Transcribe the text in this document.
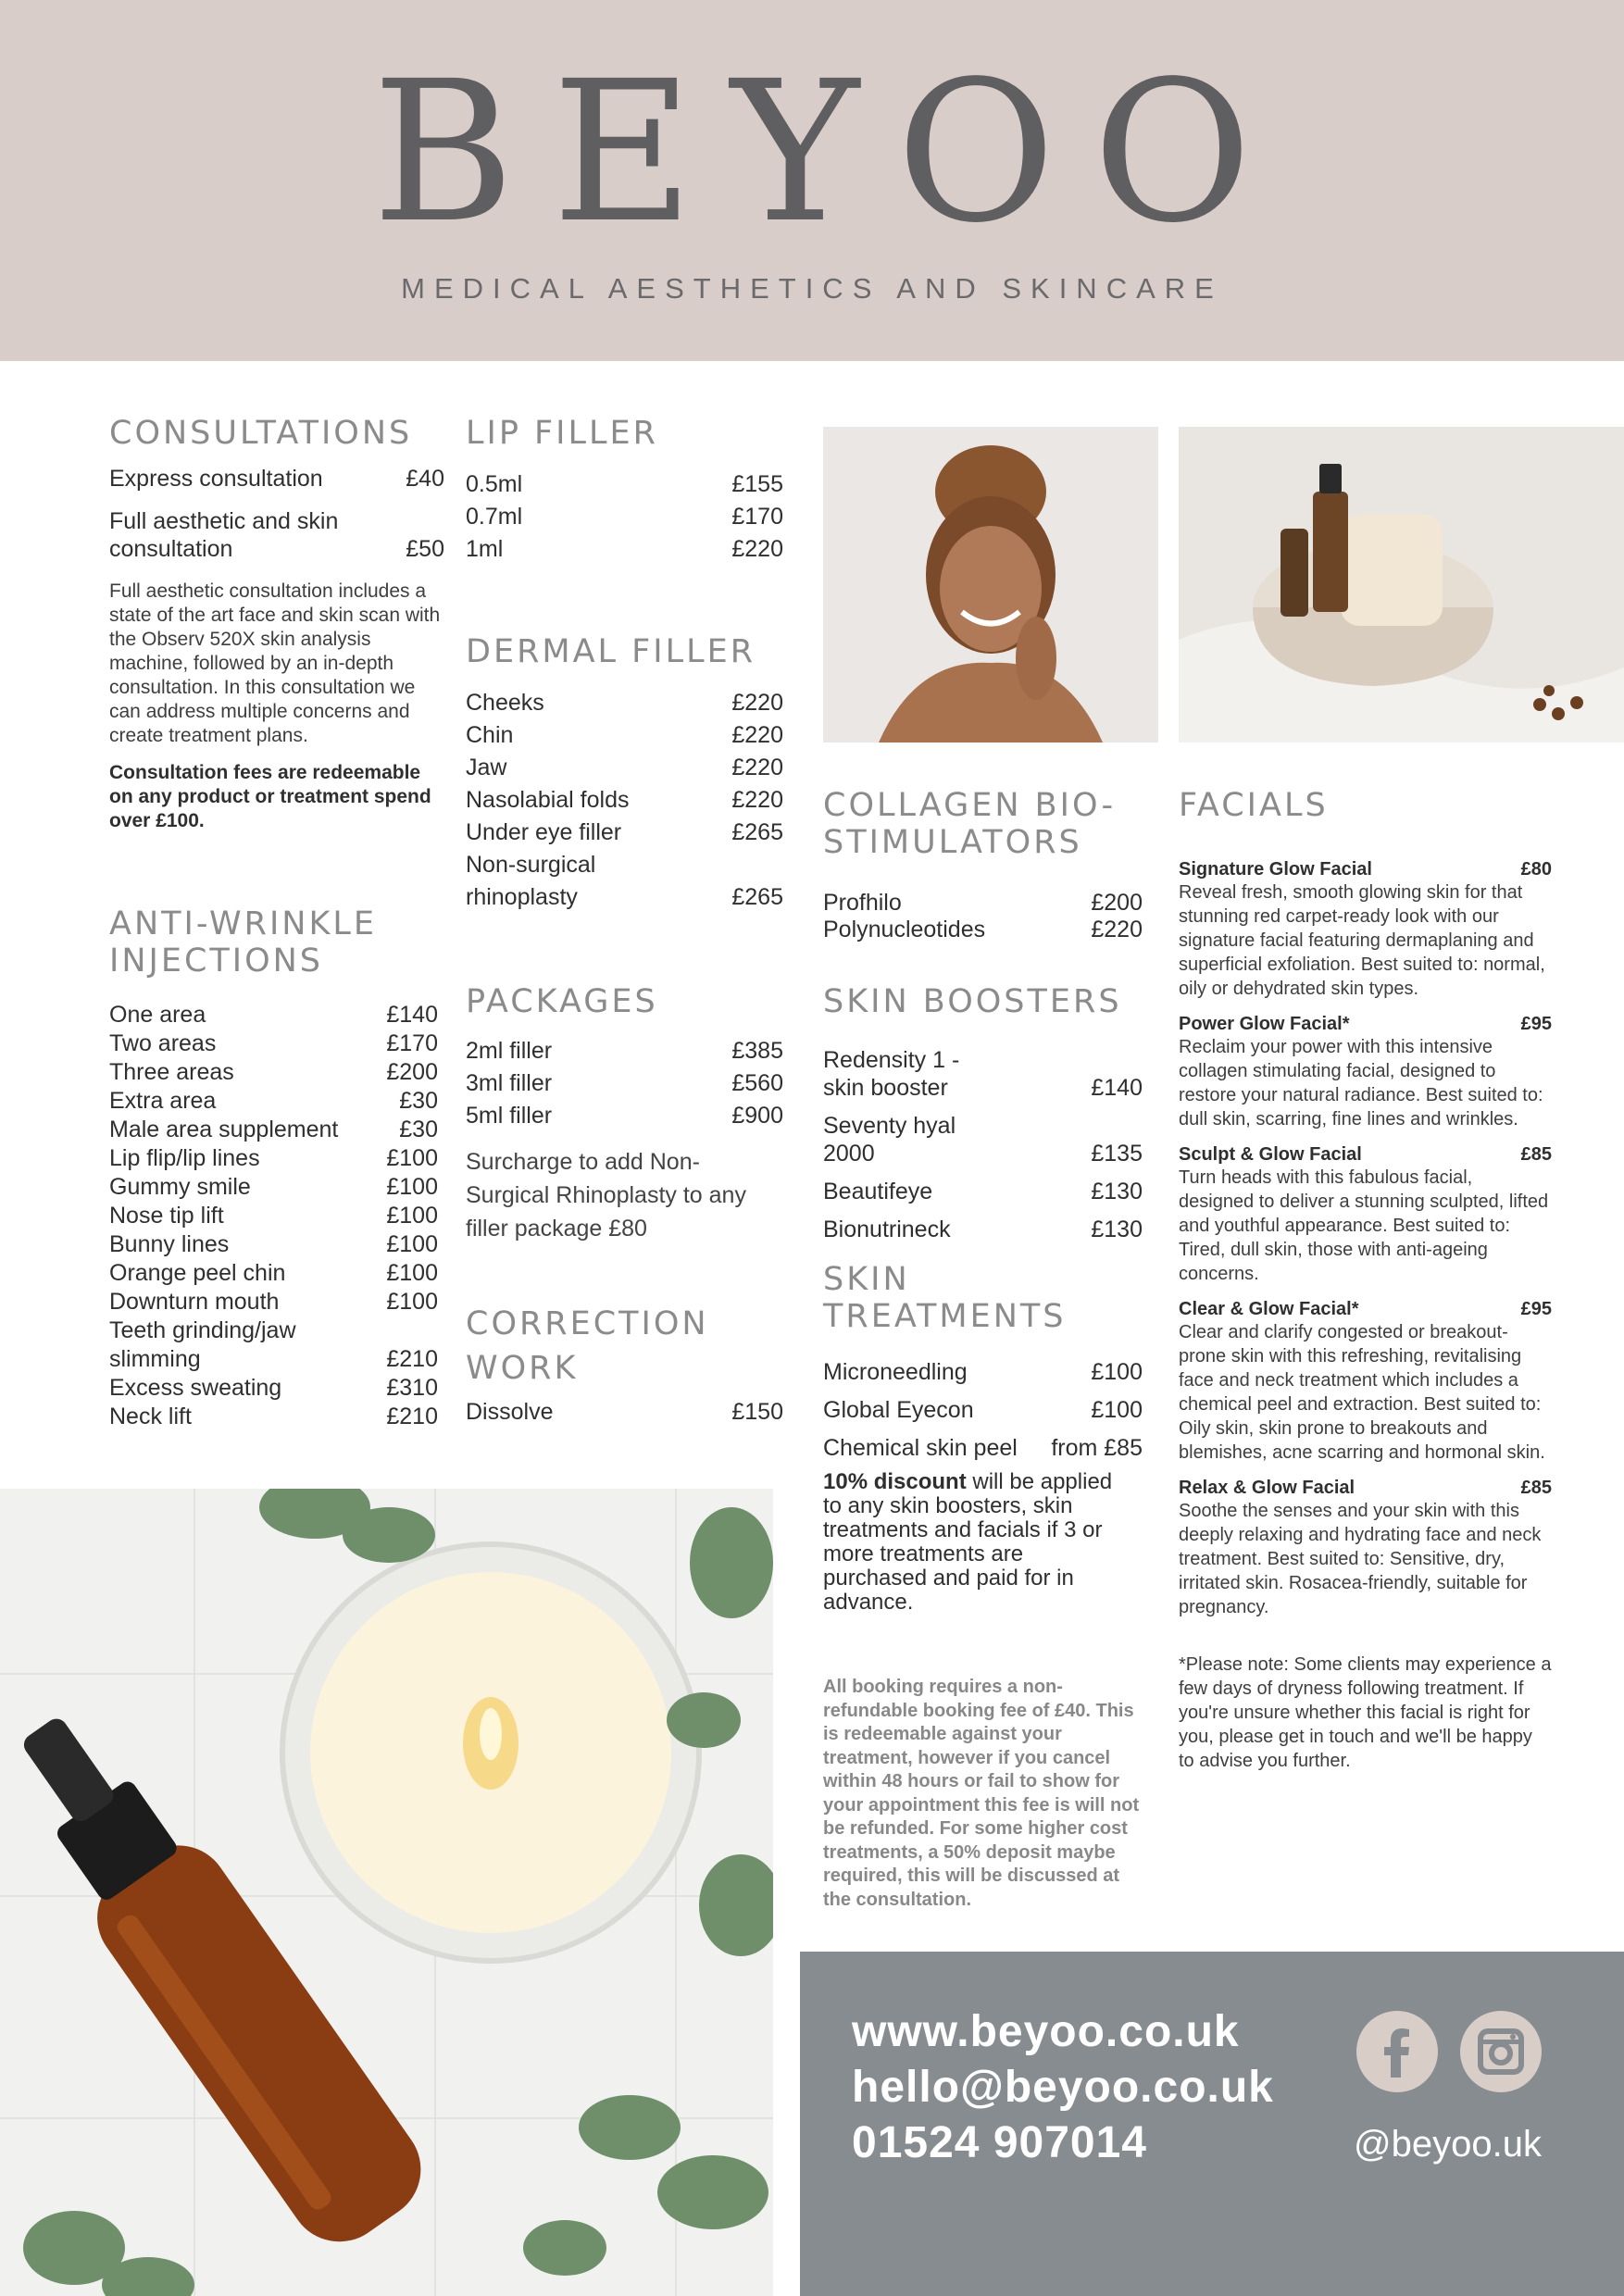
BEYOO
MEDICAL AESTHETICS AND SKINCARE
CONSULTATIONS
Express consultation	£40
Full aesthetic and skin consultation	£50

Full aesthetic consultation includes a state of the art face and skin scan with the Observ 520X skin analysis machine, followed by an in-depth consultation. In this consultation we can address multiple concerns and create treatment plans.

Consultation fees are redeemable on any product or treatment spend over £100.

ANTI-WRINKLE INJECTIONS
One area	£140
Two areas	£170
Three areas	£200
Extra area	£30
Male area supplement	£30
Lip flip/lip lines	£100
Gummy smile	£100
Nose tip lift	£100
Bunny lines	£100
Orange peel chin	£100
Downturn mouth	£100
Teeth grinding/jaw slimming	£210
Excess sweating	£310
Neck lift	£210
LIP FILLER
0.5ml	£155
0.7ml	£170
1ml	£220
DERMAL FILLER
Cheeks	£220
Chin	£220
Jaw	£220
Nasolabial folds	£220
Under eye filler	£265
Non-surgical rhinoplasty	£265
PACKAGES
2ml filler	£385
3ml filler	£560
5ml filler	£900

Surcharge to add Non-Surgical Rhinoplasty to any filler package £80

CORRECTION WORK
Dissolve	£150
COLLAGEN BIO-STIMULATORS
Profhilo	£200
Polynucleotides	£220
SKIN BOOSTERS
Redensity 1 - skin booster	£140
Seventy hyal 2000	£135
Beautifeye	£130
Bionutrineck	£130
SKIN TREATMENTS
Microneedling	£100
Global Eyecon	£100
Chemical skin peel	from £85
10% discount will be applied to any skin boosters, skin treatments and facials if 3 or more treatments are purchased and paid for in advance.

All booking requires a non-refundable booking fee of £40. This is redeemable against your treatment, however if you cancel within 48 hours or fail to show for your appointment this fee is will not be refunded. For some higher cost treatments, a 50% deposit maybe required, this will be discussed at the consultation.

FACIALS
Signature Glow Facial	£80

Reveal fresh, smooth glowing skin for that stunning red carpet-ready look with our signature facial featuring dermaplaning and superficial exfoliation. Best suited to: normal, oily or dehydrated skin types.

Power Glow Facial*	£95

Reclaim your power with this intensive collagen stimulating facial, designed to restore your natural radiance. Best suited to: dull skin, scarring, fine lines and wrinkles.

Sculpt & Glow Facial	£85

Turn heads with this fabulous facial, designed to deliver a stunning sculpted, lifted and youthful appearance. Best suited to: Tired, dull skin, those with anti-ageing concerns.

Clear & Glow Facial*	£95

Clear and clarify congested or breakout-prone skin with this refreshing, revitalising face and neck treatment which includes a chemical peel and extraction. Best suited to: Oily skin, skin prone to breakouts and blemishes, acne scarring and hormonal skin.

Relax & Glow Facial	£85

Soothe the senses and your skin with this deeply relaxing and hydrating face and neck treatment. Best suited to: Sensitive, dry, irritated skin. Rosacea-friendly, suitable for pregnancy.

*Please note: Some clients may experience a few days of dryness following treatment. If you're unsure whether this facial is right for you, please get in touch and we'll be happy to advise you further.

www.beyoo.co.uk
hello@beyoo.co.uk
01524 907014	@beyoo.uk
